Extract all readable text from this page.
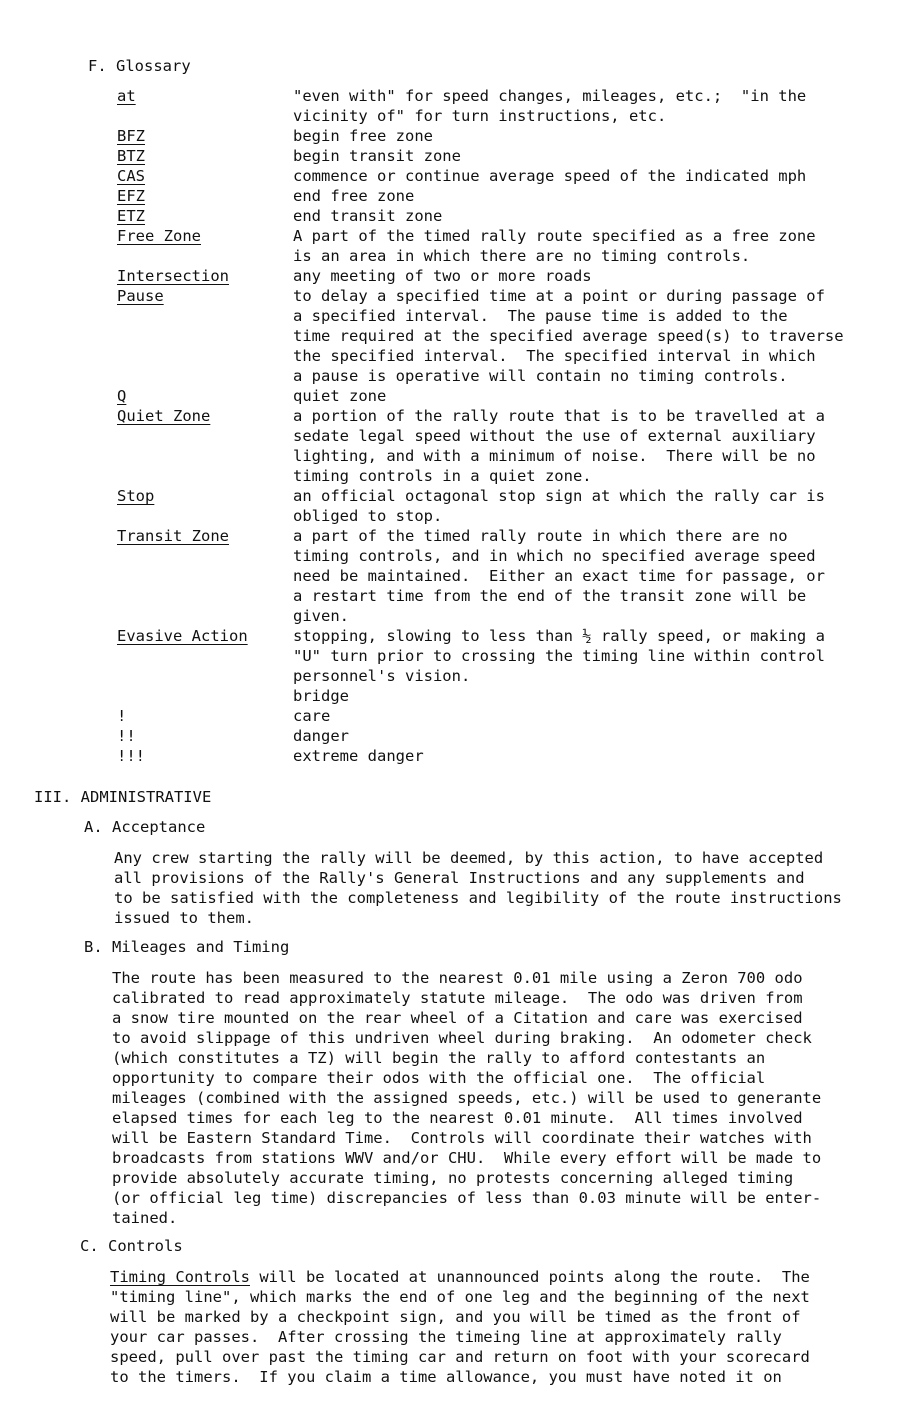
F. Glossary
at	"even with" for speed changes, mileages, etc.;  "in the
vicinity of" for turn instructions, etc.
BFZ	begin free zone
BTZ	begin transit zone
CAS	commence or continue average speed of the indicated mph
EFZ	end free zone
ETZ	end transit zone
Free Zone	A part of the timed rally route specified as a free zone
is an area in which there are no timing controls.
Intersection	any meeting of two or more roads
Pause	to delay a specified time at a point or during passage of
a specified interval.  The pause time is added to the
time required at the specified average speed(s) to traverse
the specified interval.  The specified interval in which
a pause is operative will contain no timing controls.
Q	quiet zone
Quiet Zone	a portion of the rally route that is to be travelled at a
sedate legal speed without the use of external auxiliary
lighting, and with a minimum of noise.  There will be no
timing controls in a quiet zone.
Stop	an official octagonal stop sign at which the rally car is
obliged to stop.
Transit Zone	a part of the timed rally route in which there are no
timing controls, and in which no specified average speed
need be maintained.  Either an exact time for passage, or
a restart time from the end of the transit zone will be
given.
Evasive Action	stopping, slowing to less than ½ rally speed, or making a
"U" turn prior to crossing the timing line within control
personnel's vision.
bridge
!	care
!!	danger
!!!	extreme danger
III. ADMINISTRATIVE
A. Acceptance
Any crew starting the rally will be deemed, by this action, to have accepted
all provisions of the Rally's General Instructions and any supplements and
to be satisfied with the completeness and legibility of the route instructions
issued to them.
B. Mileages and Timing
The route has been measured to the nearest 0.01 mile using a Zeron 700 odo
calibrated to read approximately statute mileage.  The odo was driven from
a snow tire mounted on the rear wheel of a Citation and care was exercised
to avoid slippage of this undriven wheel during braking.  An odometer check
(which constitutes a TZ) will begin the rally to afford contestants an
opportunity to compare their odos with the official one.  The official
mileages (combined with the assigned speeds, etc.) will be used to generante
elapsed times for each leg to the nearest 0.01 minute.  All times involved
will be Eastern Standard Time.  Controls will coordinate their watches with
broadcasts from stations WWV and/or CHU.  While every effort will be made to
provide absolutely accurate timing, no protests concerning alleged timing
(or official leg time) discrepancies of less than 0.03 minute will be enter-
tained.
C. Controls
Timing Controls will be located at unannounced points along the route.  The
"timing line", which marks the end of one leg and the beginning of the next
will be marked by a checkpoint sign, and you will be timed as the front of
your car passes.  After crossing the timeing line at approximately rally
speed, pull over past the timing car and return on foot with your scorecard
to the timers.  If you claim a time allowance, you must have noted it on
